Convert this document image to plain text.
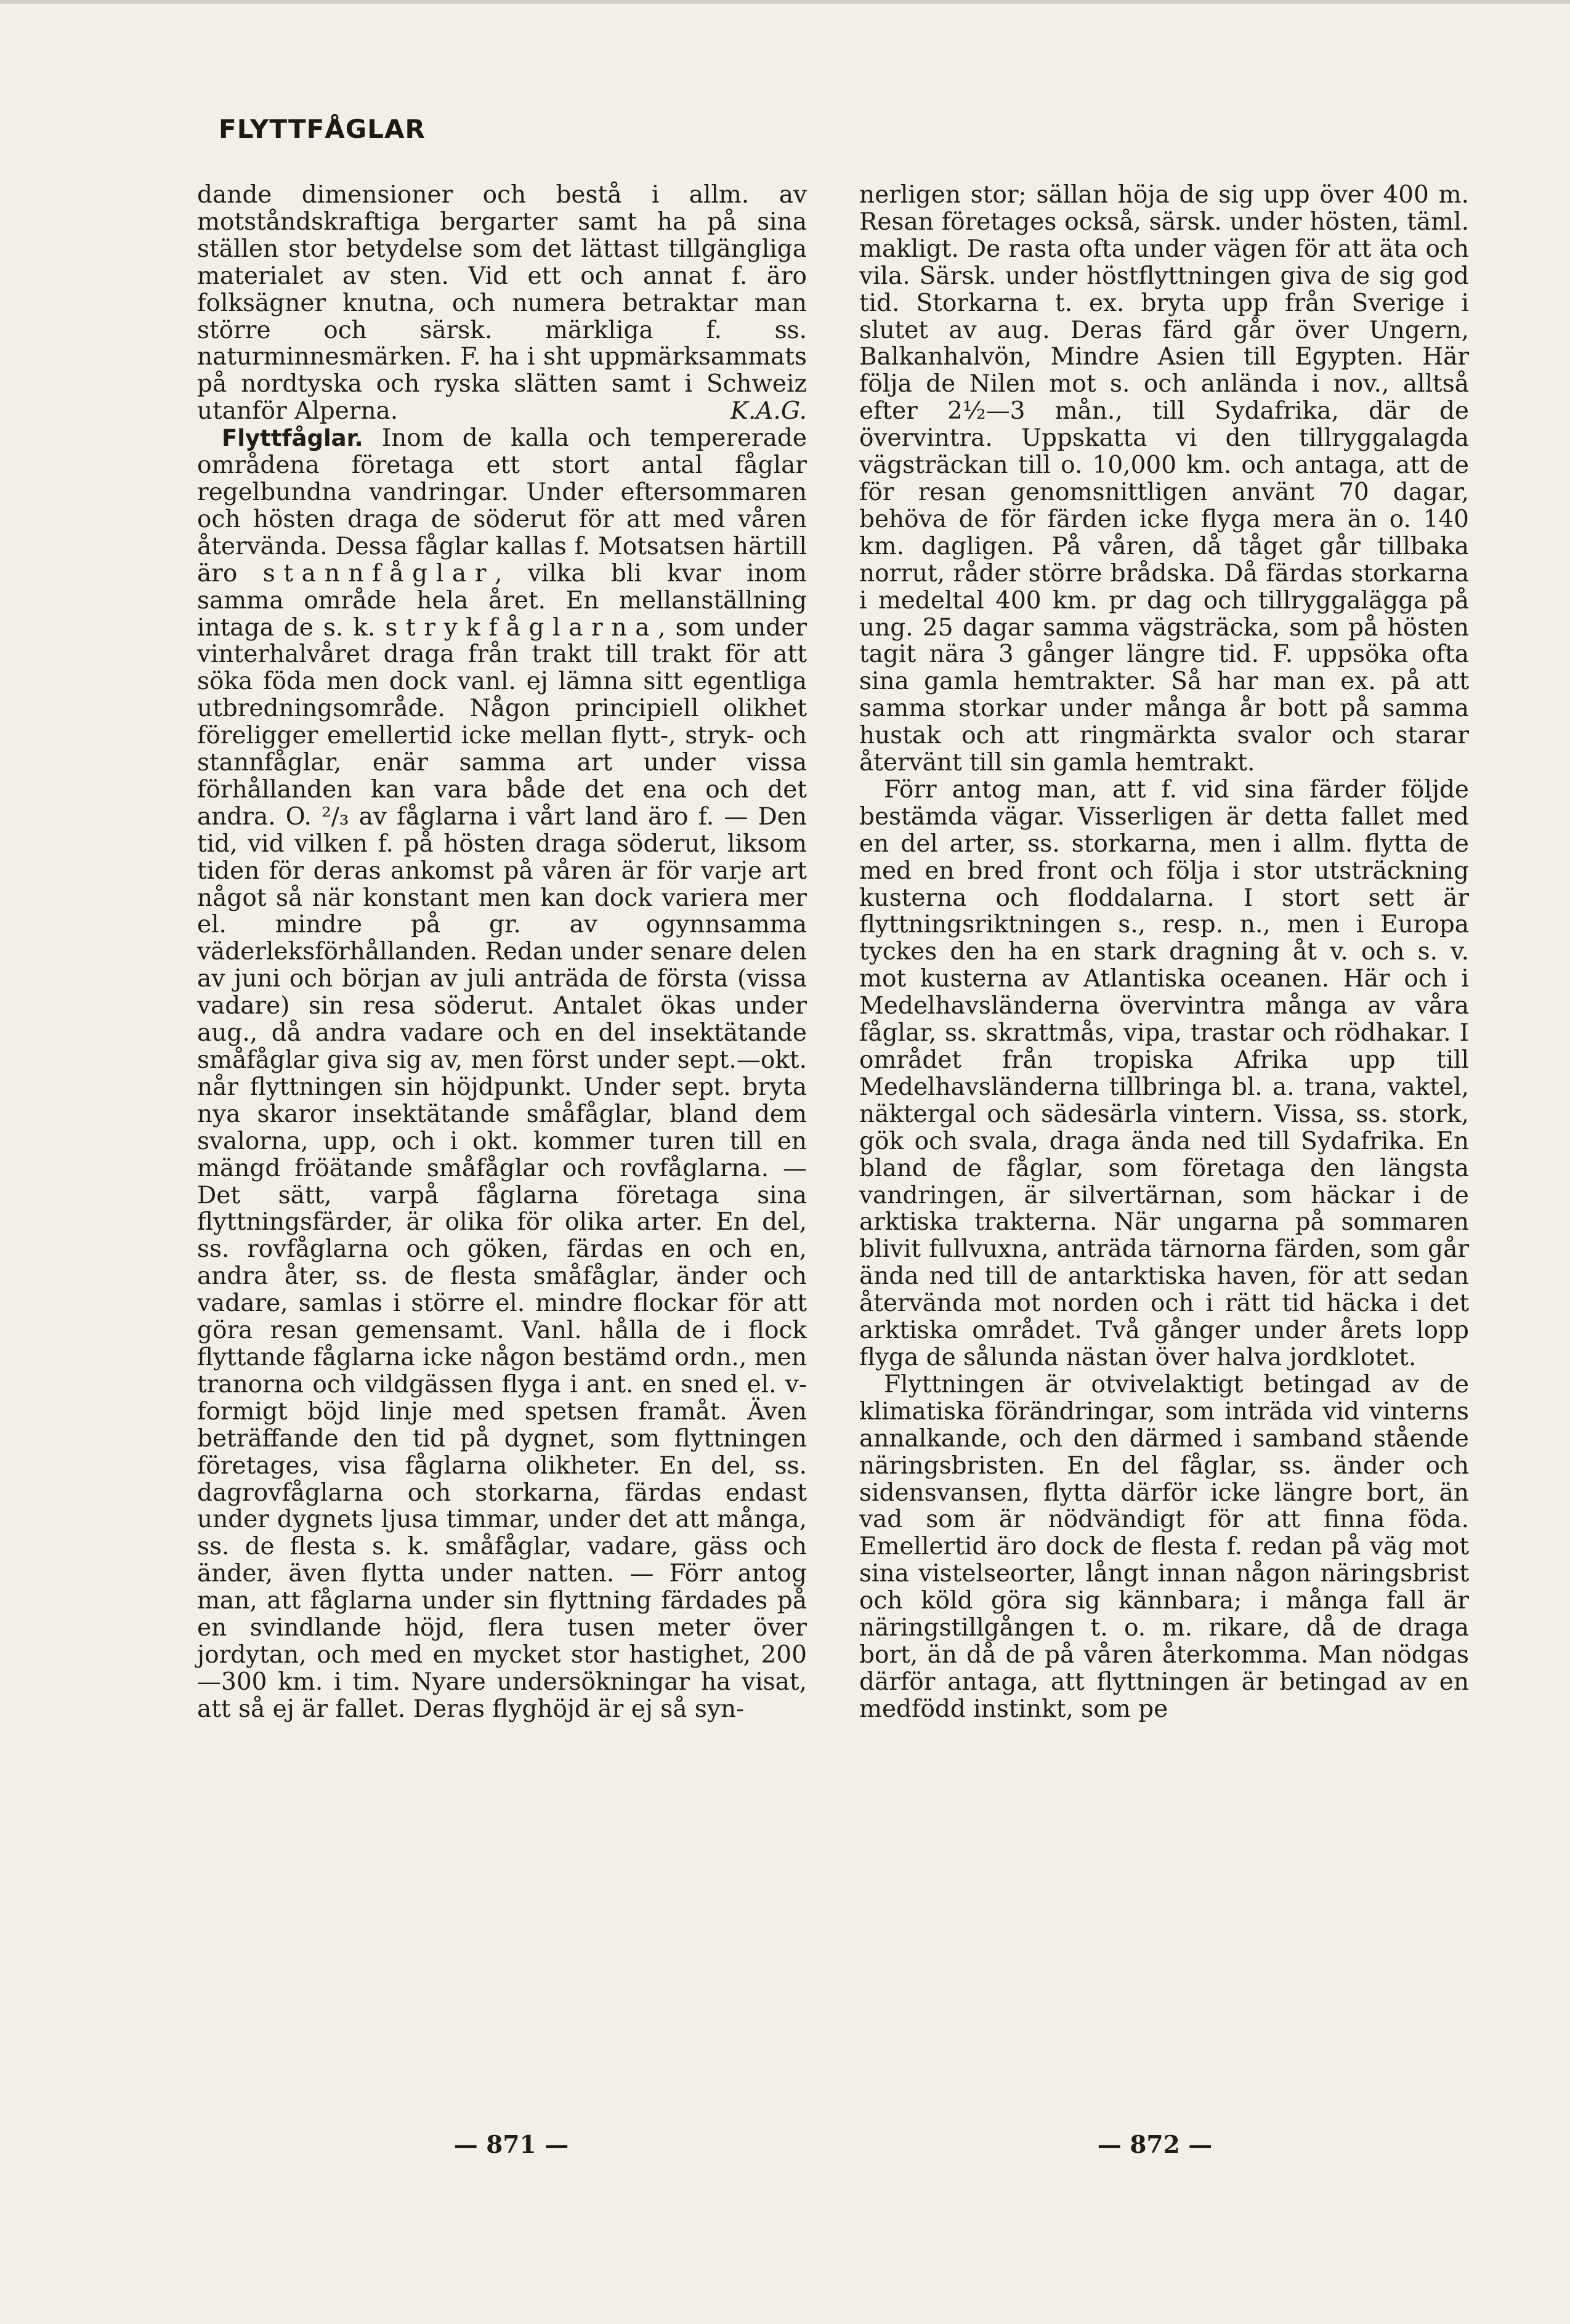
FLYTTFÅGLAR

dande dimensioner och bestå i allm. av motståndskraftiga bergarter samt ha på sina ställen stor betydelse som det lättast tillgängliga materialet av sten. Vid ett och annat f. äro folksägner knutna, och numera betraktar man större och särsk. märkliga f. ss. naturminnesmärken. F. ha i sht uppmärksammats på nordtyska och ryska slätten samt i Schweiz utanför Alperna.	K.A.G.

Flyttfåglar. Inom de kalla och tempererade områdena företaga ett stort antal fåglar regelbundna vandringar. Under eftersommaren och hösten draga de söderut för att med våren återvända. Dessa fåglar kallas f. Motsatsen härtill äro stannfåglar, vilka bli kvar inom samma område hela året. En mellanställning intaga de s. k. strykfåglarna, som under vinterhalvåret draga från trakt till trakt för att söka föda men dock vanl. ej lämna sitt egentliga utbredningsområde. Någon principiell olikhet föreligger emellertid icke mellan flytt-, stryk- och stannfåglar, enär samma art under vissa förhållanden kan vara både det ena och det andra. O. ²/₃ av fåglarna i vårt land äro f. — Den tid, vid vilken f. på hösten draga söderut, liksom tiden för deras ankomst på våren är för varje art något så när konstant men kan dock variera mer el. mindre på gr. av ogynnsamma väderleksförhållanden. Redan under senare delen av juni och början av juli anträda de första (vissa vadare) sin resa söderut. Antalet ökas under aug., då andra vadare och en del insektätande småfåglar giva sig av, men först under sept.—okt. når flyttningen sin höjdpunkt. Under sept. bryta nya skaror insektätande småfåglar, bland dem svalorna, upp, och i okt. kommer turen till en mängd fröätande småfåglar och rovfåglarna. — Det sätt, varpå fåglarna företaga sina flyttningsfärder, är olika för olika arter. En del, ss. rovfåglarna och göken, färdas en och en, andra åter, ss. de flesta småfåglar, änder och vadare, samlas i större el. mindre flockar för att göra resan gemensamt. Vanl. hålla de i flock flyttande fåglarna icke någon bestämd ordn., men tranorna och vildgässen flyga i ant. en sned el. v-formigt böjd linje med spetsen framåt. Även beträffande den tid på dygnet, som flyttningen företages, visa fåglarna olikheter. En del, ss. dagrovfåglarna och storkarna, färdas endast under dygnets ljusa timmar, under det att många, ss. de flesta s. k. småfåglar, vadare, gäss och änder, även flytta under natten. — Förr antog man, att fåglarna under sin flyttning färdades på en svindlande höjd, flera tusen meter över jordytan, och med en mycket stor hastighet, 200—300 km. i tim. Nyare undersökningar ha visat, att så ej är fallet. Deras flyghöjd är ej så syn-

nerligen stor; sällan höja de sig upp över 400 m. Resan företages också, särsk. under hösten, täml. makligt. De rasta ofta under vägen för att äta och vila. Särsk. under höstflyttningen giva de sig god tid. Storkarna t. ex. bryta upp från Sverige i slutet av aug. Deras färd går över Ungern, Balkanhalvön, Mindre Asien till Egypten. Här följa de Nilen mot s. och anlända i nov., alltså efter 2½—3 mån., till Sydafrika, där de övervintra. Uppskatta vi den tillryggalagda vägsträckan till o. 10,000 km. och antaga, att de för resan genomsnittligen använt 70 dagar, behöva de för färden icke flyga mera än o. 140 km. dagligen. På våren, då tåget går tillbaka norrut, råder större brådska. Då färdas storkarna i medeltal 400 km. pr dag och tillryggalägga på ung. 25 dagar samma vägsträcka, som på hösten tagit nära 3 gånger längre tid. F. uppsöka ofta sina gamla hemtrakter. Så har man ex. på att samma storkar under många år bott på samma hustak och att ringmärkta svalor och starar återvänt till sin gamla hemtrakt.

Förr antog man, att f. vid sina färder följde bestämda vägar. Visserligen är detta fallet med en del arter, ss. storkarna, men i allm. flytta de med en bred front och följa i stor utsträckning kusterna och floddalarna. I stort sett är flyttningsriktningen s., resp. n., men i Europa tyckes den ha en stark dragning åt v. och s. v. mot kusterna av Atlantiska oceanen. Här och i Medelhavsländerna övervintra många av våra fåglar, ss. skrattmås, vipa, trastar och rödhakar. I området från tropiska Afrika upp till Medelhavsländerna tillbringa bl. a. trana, vaktel, näktergal och sädesärla vintern. Vissa, ss. stork, gök och svala, draga ända ned till Sydafrika. En bland de fåglar, som företaga den längsta vandringen, är silvertärnan, som häckar i de arktiska trakterna. När ungarna på sommaren blivit fullvuxna, anträda tärnorna färden, som går ända ned till de antarktiska haven, för att sedan återvända mot norden och i rätt tid häcka i det arktiska området. Två gånger under årets lopp flyga de sålunda nästan över halva jordklotet.

Flyttningen är otvivelaktigt betingad av de klimatiska förändringar, som inträda vid vinterns annalkande, och den därmed i samband stående näringsbristen. En del fåglar, ss. änder och sidensvansen, flytta därför icke längre bort, än vad som är nödvändigt för att finna föda. Emellertid äro dock de flesta f. redan på väg mot sina vistelseorter, långt innan någon näringsbrist och köld göra sig kännbara; i många fall är näringstillgången t. o. m. rikare, då de draga bort, än då de på våren återkomma. Man nödgas därför antaga, att flyttningen är betingad av en medfödd instinkt, som pe

— 871 —	— 872 —
